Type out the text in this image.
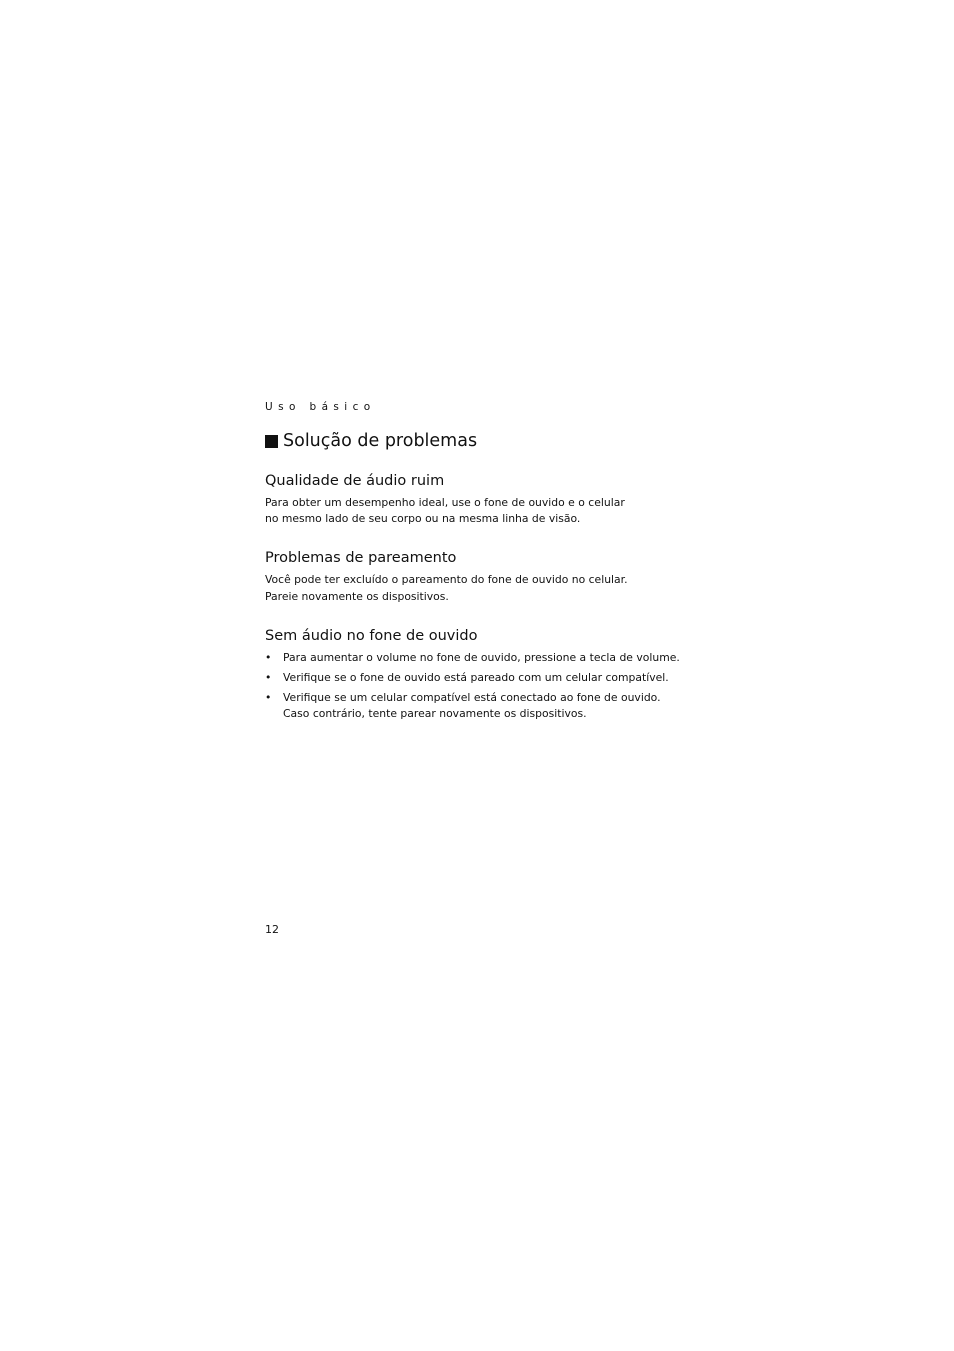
Uso básico
Solução de problemas
Qualidade de áudio ruim

Para obter um desempenho ideal, use o fone de ouvido e o celular
no mesmo lado de seu corpo ou na mesma linha de visão.

Problemas de pareamento

Você pode ter excluído o pareamento do fone de ouvido no celular.
Pareie novamente os dispositivos.

Sem áudio no fone de ouvido
• Para aumentar o volume no fone de ouvido, pressione a tecla de volume.
• Verifique se o fone de ouvido está pareado com um celular compatível.
• Verifique se um celular compatível está conectado ao fone de ouvido.
Caso contrário, tente parear novamente os dispositivos.
12
